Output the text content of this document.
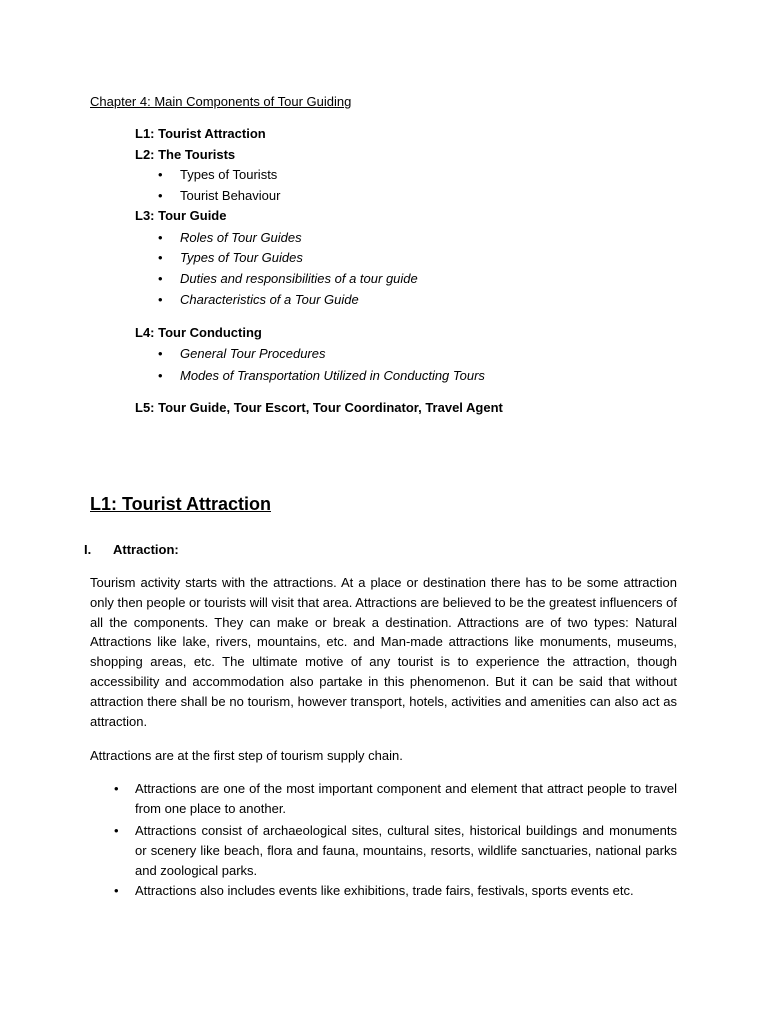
Chapter 4: Main Components of Tour Guiding
L1: Tourist Attraction
L2: The Tourists
• Types of Tourists
• Tourist Behaviour
L3: Tour Guide
• Roles of Tour Guides
• Types of Tour Guides
• Duties and responsibilities of a tour guide
• Characteristics of a Tour Guide
L4: Tour Conducting
• General Tour Procedures
• Modes of Transportation Utilized in Conducting Tours
L5: Tour Guide, Tour Escort, Tour Coordinator, Travel Agent
L1: Tourist Attraction
I. Attraction:

Tourism activity starts with the attractions. At a place or destination there has to be some attraction only then people or tourists will visit that area. Attractions are believed to be the greatest influencers of all the components. They can make or break a destination. Attractions are of two types: Natural Attractions like lake, rivers, mountains, etc. and Man-made attractions like monuments, museums, shopping areas, etc. The ultimate motive of any tourist is to experience the attraction, though accessibility and accommodation also partake in this phenomenon. But it can be said that without attraction there shall be no tourism, however transport, hotels, activities and amenities can also act as attraction.

Attractions are at the first step of tourism supply chain.

• Attractions are one of the most important component and element that attract people to travel from one place to another.

• Attractions consist of archaeological sites, cultural sites, historical buildings and monuments or scenery like beach, flora and fauna, mountains, resorts, wildlife sanctuaries, national parks and zoological parks.

• Attractions also includes events like exhibitions, trade fairs, festivals, sports events etc.
